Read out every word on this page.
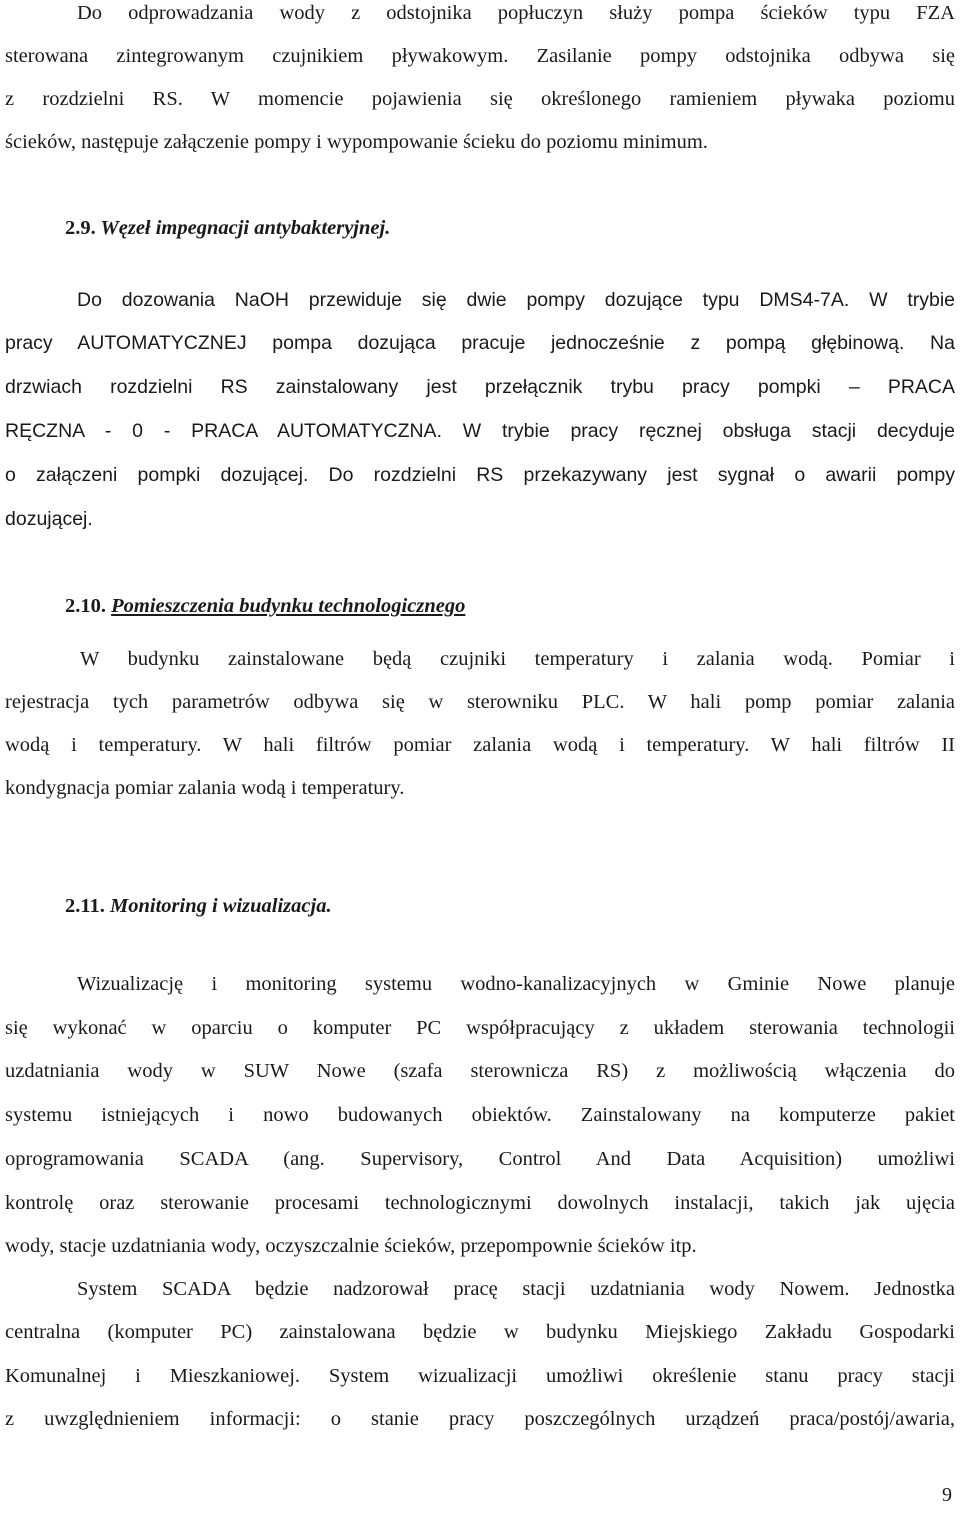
Do odprowadzania wody z odstojnika popłuczyn służy pompa ścieków typu FZA
sterowana zintegrowanym czujnikiem pływakowym. Zasilanie pompy odstojnika odbywa się
z rozdzielni RS. W momencie pojawienia się określonego ramieniem pływaka poziomu
ścieków, następuje załączenie pompy i wypompowanie ścieku do poziomu minimum.
2.9. Węzeł impegnacji antybakteryjnej.
Do dozowania NaOH przewiduje się dwie pompy dozujące typu DMS4-7A. W trybie
pracy AUTOMATYCZNEJ pompa dozująca pracuje jednocześnie z pompą głębinową. Na
drzwiach rozdzielni RS zainstalowany jest przełącznik trybu pracy pompki – PRACA
RĘCZNA - 0 - PRACA AUTOMATYCZNA. W trybie pracy ręcznej obsługa stacji decyduje
o załączeni pompki dozującej. Do rozdzielni RS przekazywany jest sygnał o awarii pompy
dozującej.
2.10. Pomieszczenia budynku technologicznego
W budynku zainstalowane będą czujniki temperatury i zalania wodą. Pomiar i
rejestracja tych parametrów odbywa się w sterowniku PLC. W hali pomp pomiar zalania
wodą i temperatury. W hali filtrów pomiar zalania wodą i temperatury. W hali filtrów II
kondygnacja pomiar zalania wodą i temperatury.
2.11. Monitoring i wizualizacja.
Wizualizację i monitoring systemu wodno-kanalizacyjnych w Gminie Nowe planuje
się wykonać w oparciu o komputer PC współpracujący z układem sterowania technologii
uzdatniania wody w SUW Nowe (szafa sterownicza RS) z możliwością włączenia do
systemu istniejących i nowo budowanych obiektów. Zainstalowany na komputerze pakiet
oprogramowania SCADA (ang. Supervisory, Control And Data Acquisition) umożliwi
kontrolę oraz sterowanie procesami technologicznymi dowolnych instalacji, takich jak ujęcia
wody, stacje uzdatniania wody, oczyszczalnie ścieków, przepompownie ścieków itp.
System SCADA będzie nadzorował pracę stacji uzdatniania wody Nowem. Jednostka
centralna (komputer PC) zainstalowana będzie w budynku Miejskiego Zakładu Gospodarki
Komunalnej i Mieszkaniowej. System wizualizacji umożliwi określenie stanu pracy stacji
z uwzględnieniem informacji: o stanie pracy poszczególnych urządzeń praca/postój/awaria,
9
